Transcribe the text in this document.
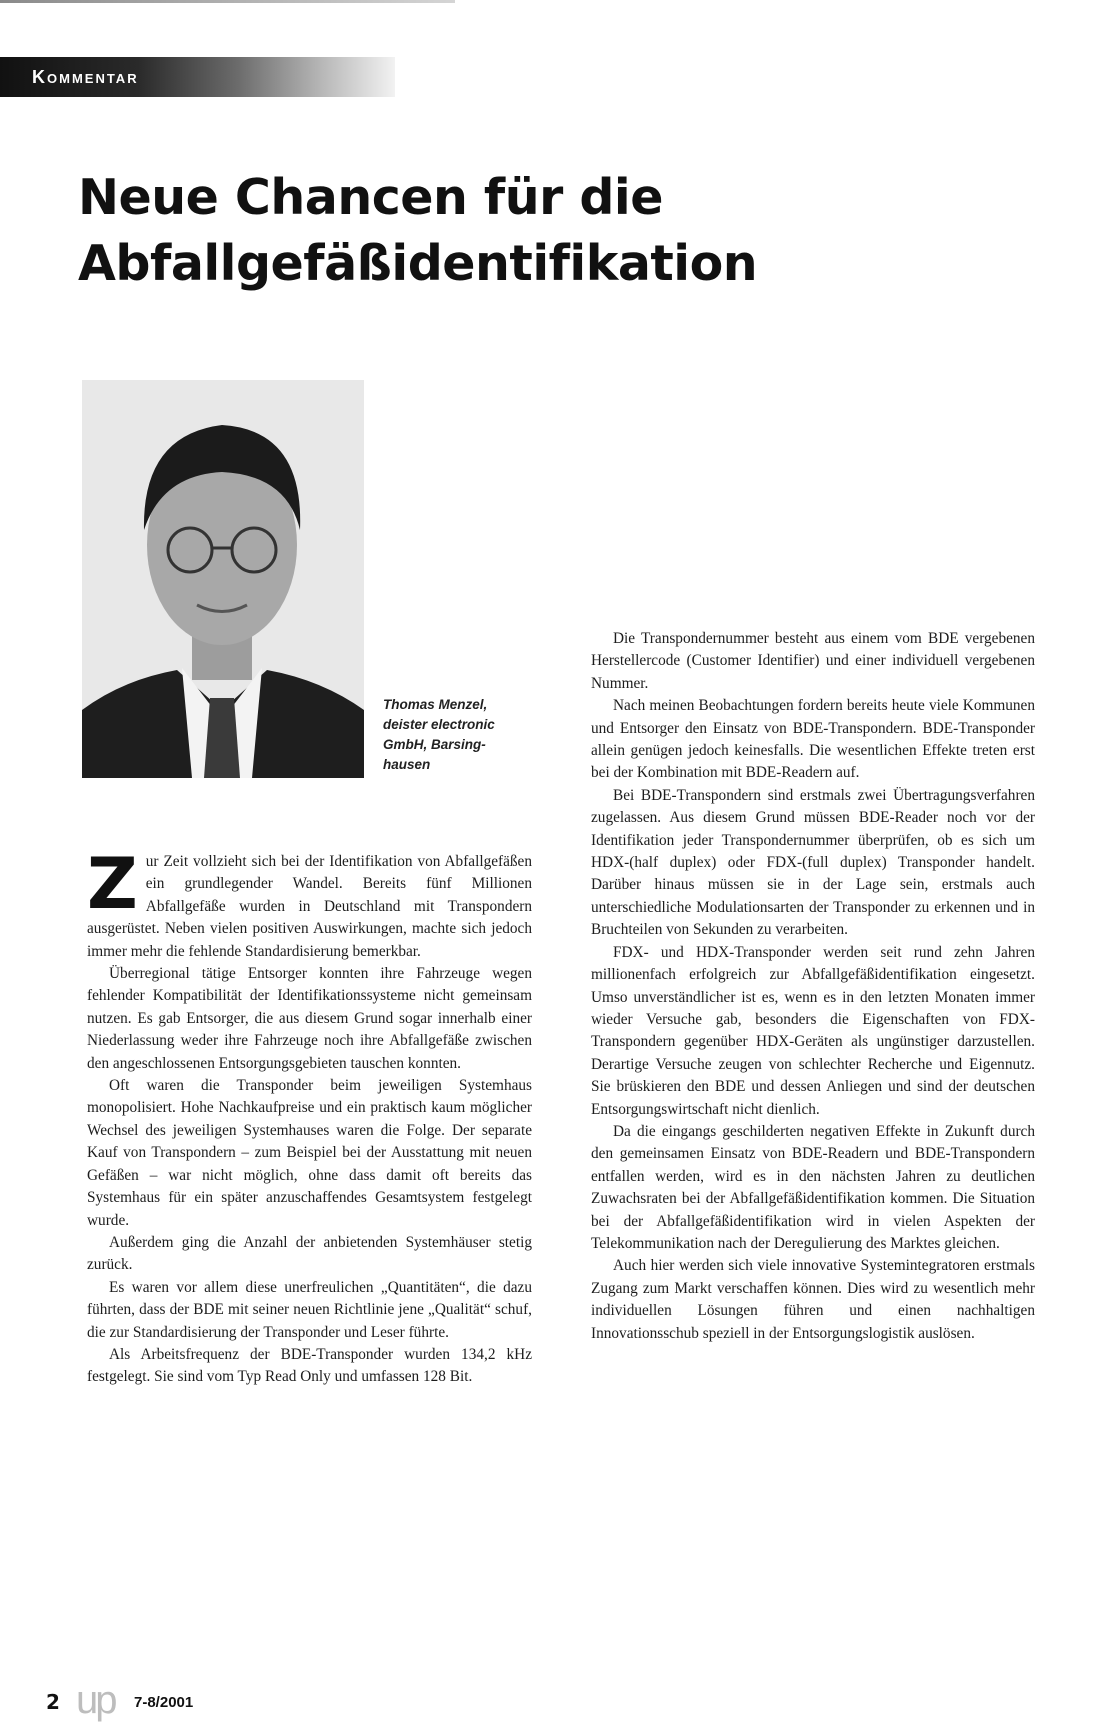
Kommentar
Neue Chancen für die Abfallgefäßidentifikation
Thomas Menzel,
deister electronic
GmbH, Barsing-
hausen

Zur Zeit vollzieht sich bei der Identifikation von Abfallgefäßen ein grundlegender Wandel. Bereits fünf Millionen Abfallgefäße wurden in Deutschland mit Transpondern ausgerüstet. Neben vielen positiven Auswirkungen, machte sich jedoch immer mehr die fehlende Standardisierung bemerkbar.

Überregional tätige Entsorger konnten ihre Fahrzeuge wegen fehlender Kompatibilität der Identifikationssysteme nicht gemeinsam nutzen. Es gab Entsorger, die aus diesem Grund sogar innerhalb einer Niederlassung weder ihre Fahrzeuge noch ihre Abfallgefäße zwischen den angeschlossenen Entsorgungsgebieten tauschen konnten.

Oft waren die Transponder beim jeweiligen Systemhaus monopolisiert. Hohe Nachkaufpreise und ein praktisch kaum möglicher Wechsel des jeweiligen Systemhauses waren die Folge. Der separate Kauf von Transpondern – zum Beispiel bei der Ausstattung mit neuen Gefäßen – war nicht möglich, ohne dass damit oft bereits das Systemhaus für ein später anzuschaffendes Gesamtsystem festgelegt wurde.

Außerdem ging die Anzahl der anbietenden Systemhäuser stetig zurück.

Es waren vor allem diese unerfreulichen „Quantitäten“, die dazu führten, dass der BDE mit seiner neuen Richtlinie jene „Qualität“ schuf, die zur Standardisierung der Transponder und Leser führte.

Als Arbeitsfrequenz der BDE-Transponder wurden 134,2 kHz festgelegt. Sie sind vom Typ Read Only und umfassen 128 Bit.

Die Transpondernummer besteht aus einem vom BDE vergebenen Herstellercode (Customer Identifier) und einer individuell vergebenen Nummer.

Nach meinen Beobachtungen fordern bereits heute viele Kommunen und Entsorger den Einsatz von BDE-Transpondern. BDE-Transponder allein genügen jedoch keinesfalls. Die wesentlichen Effekte treten erst bei der Kombination mit BDE-Readern auf.

Bei BDE-Transpondern sind erstmals zwei Übertragungsverfahren zugelassen. Aus diesem Grund müssen BDE-Reader noch vor der Identifikation jeder Transpondernummer überprüfen, ob es sich um HDX-(half duplex) oder FDX-(full duplex) Transponder handelt. Darüber hinaus müssen sie in der Lage sein, erstmals auch unterschiedliche Modulationsarten der Transponder zu erkennen und in Bruchteilen von Sekunden zu verarbeiten.

FDX- und HDX-Transponder werden seit rund zehn Jahren millionenfach erfolgreich zur Abfallgefäßidentifikation eingesetzt. Umso unverständlicher ist es, wenn es in den letzten Monaten immer wieder Versuche gab, besonders die Eigenschaften von FDX-Transpondern gegenüber HDX-Geräten als ungünstiger darzustellen. Derartige Versuche zeugen von schlechter Recherche und Eigennutz. Sie brüskieren den BDE und dessen Anliegen und sind der deutschen Entsorgungswirtschaft nicht dienlich.

Da die eingangs geschilderten negativen Effekte in Zukunft durch den gemeinsamen Einsatz von BDE-Readern und BDE-Transpondern entfallen werden, wird es in den nächsten Jahren zu deutlichen Zuwachsraten bei der Abfallgefäßidentifikation kommen. Die Situation bei der Abfallgefäßidentifikation wird in vielen Aspekten der Telekommunikation nach der Deregulierung des Marktes gleichen.

Auch hier werden sich viele innovative Systemintegratoren erstmals Zugang zum Markt verschaffen können. Dies wird zu wesentlich mehr individuellen Lösungen führen und einen nachhaltigen Innovationsschub speziell in der Entsorgungslogistik auslösen.

2 up 7-8/2001
